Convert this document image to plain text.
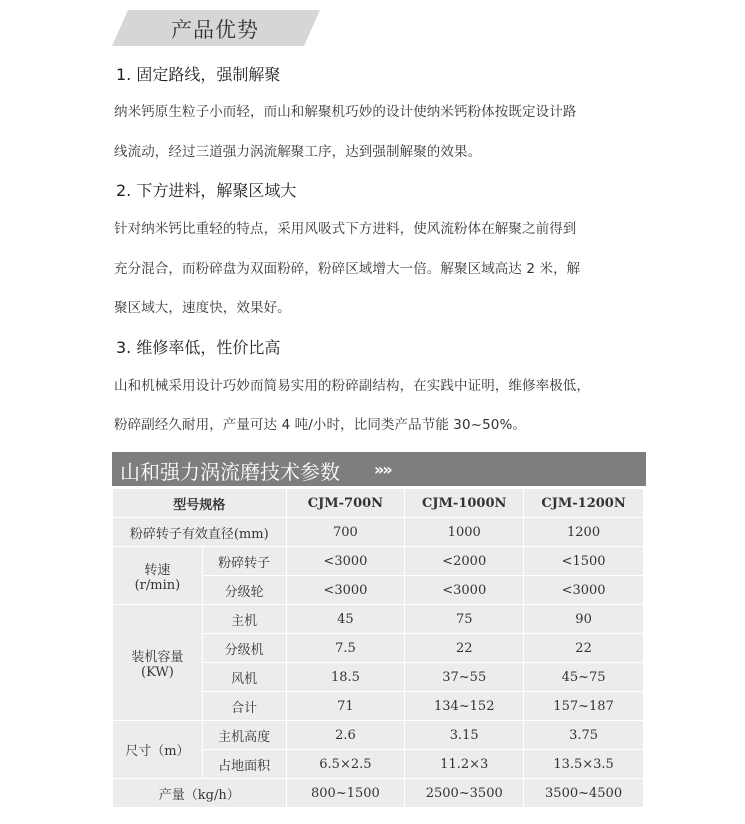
产品优势
1. 固定路线，强制解聚
纳米钙原生粒子小而轻，而山和解聚机巧妙的设计使纳米钙粉体按既定设计路
线流动，经过三道强力涡流解聚工序，达到强制解聚的效果。
2. 下方进料，解聚区域大
针对纳米钙比重轻的特点，采用风吸式下方进料，使风流粉体在解聚之前得到
充分混合，而粉碎盘为双面粉碎，粉碎区域增大一倍。解聚区域高达 2 米，解
聚区域大，速度快，效果好。
3. 维修率低，性价比高
山和机械采用设计巧妙而简易实用的粉碎副结构，在实践中证明，维修率极低，
粉碎副经久耐用，产量可达 4 吨/小时，比同类产品节能 30~50%。
山和强力涡流磨技术参数 »»
型号规格		CJM-700N	CJM-1000N	CJM-1200N
粉碎转子有效直径(mm)		700	1000	1200

转速
(r/min)	粉碎转子	<3000	<2000	<1500
	分级轮	<3000	<3000	<3000

装机容量
(KW)	主机	45	75	90
	分级机	7.5	22	22
	风机	18.5	37~55	45~75
	合计	71	134~152	157~187
尺寸（m）	主机高度	2.6	3.15	3.75
	占地面积	6.5×2.5	11.2×3	13.5×3.5
产量（kg/h）		800~1500	2500~3500	3500~4500
